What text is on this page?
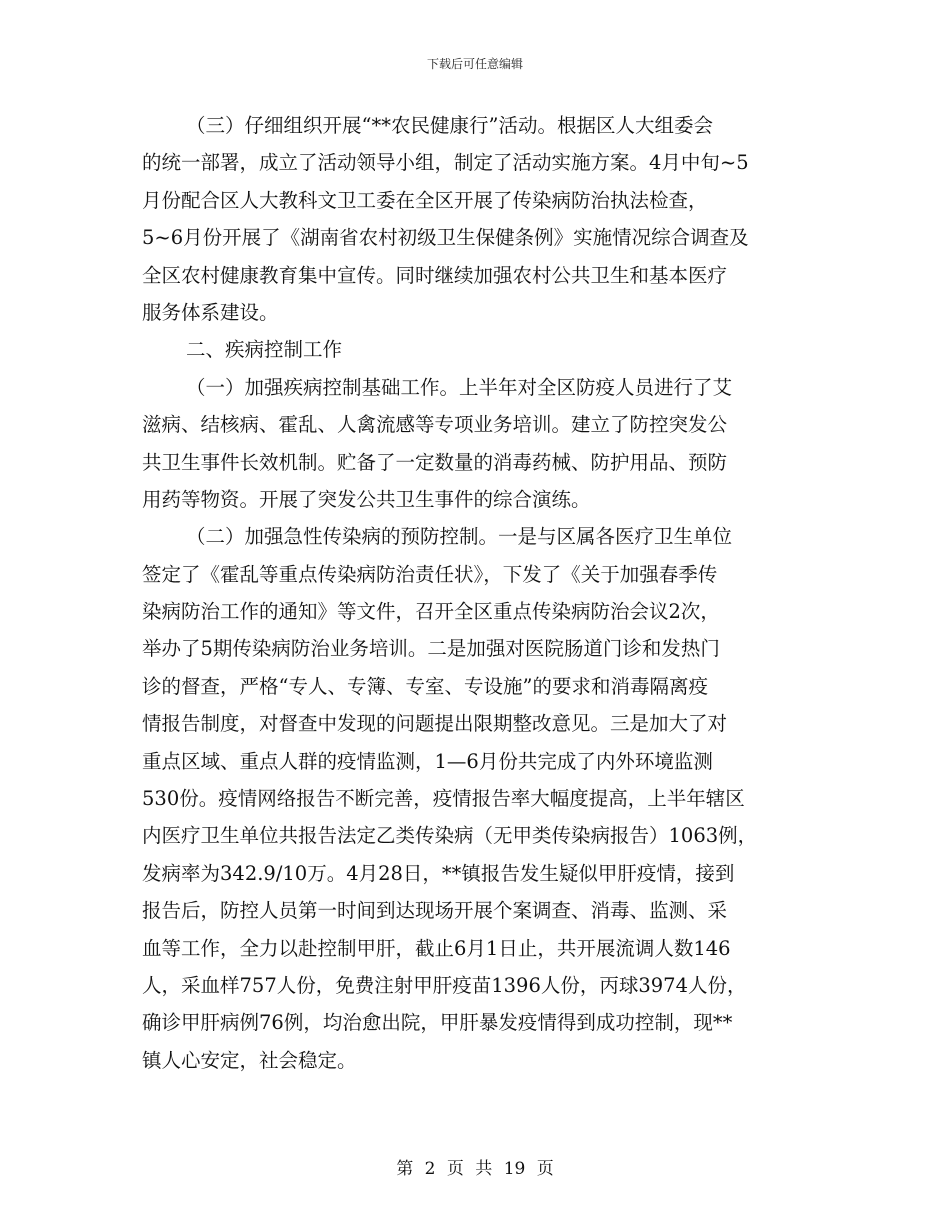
下载后可任意编辑
（三）仔细组织开展“**农民健康行”活动。根据区人大组委会
的统一部署，成立了活动领导小组，制定了活动实施方案。4月中旬~5
月份配合区人大教科文卫工委在全区开展了传染病防治执法检查，
5~6月份开展了《湖南省农村初级卫生保健条例》实施情况综合调查及
全区农村健康教育集中宣传。同时继续加强农村公共卫生和基本医疗
服务体系建设。
二、疾病控制工作
（一）加强疾病控制基础工作。上半年对全区防疫人员进行了艾
滋病、结核病、霍乱、人禽流感等专项业务培训。建立了防控突发公
共卫生事件长效机制。贮备了一定数量的消毒药械、防护用品、预防
用药等物资。开展了突发公共卫生事件的综合演练。
（二）加强急性传染病的预防控制。一是与区属各医疗卫生单位
签定了《霍乱等重点传染病防治责任状》，下发了《关于加强春季传
染病防治工作的通知》等文件，召开全区重点传染病防治会议2次，
举办了5期传染病防治业务培训。二是加强对医院肠道门诊和发热门
诊的督查，严格“专人、专簿、专室、专设施”的要求和消毒隔离疫
情报告制度，对督查中发现的问题提出限期整改意见。三是加大了对
重点区域、重点人群的疫情监测，1—6月份共完成了内外环境监测
530份。疫情网络报告不断完善，疫情报告率大幅度提高，上半年辖区
内医疗卫生单位共报告法定乙类传染病（无甲类传染病报告）1063例，
发病率为342.9/10万。4月28日，**镇报告发生疑似甲肝疫情，接到
报告后，防控人员第一时间到达现场开展个案调查、消毒、监测、采
血等工作，全力以赴控制甲肝，截止6月1日止，共开展流调人数146
人，采血样757人份，免费注射甲肝疫苗1396人份，丙球3974人份，
确诊甲肝病例76例，均治愈出院，甲肝暴发疫情得到成功控制，现**
镇人心安定，社会稳定。
第 2 页 共 19 页
